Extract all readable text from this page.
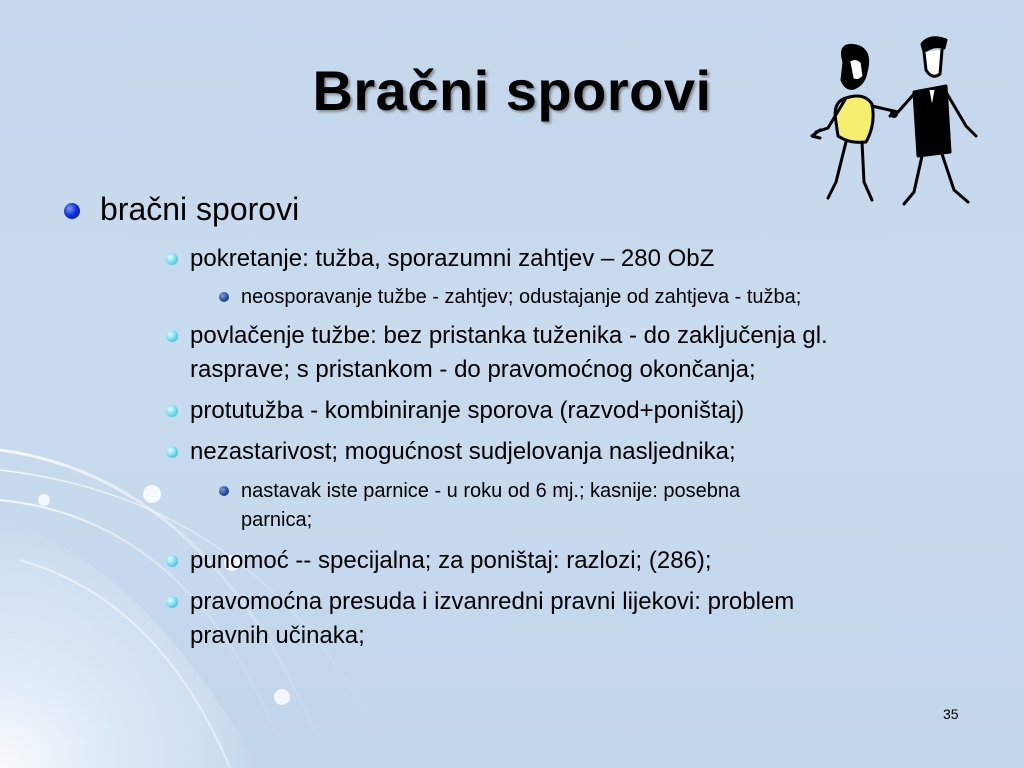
Bračni sporovi
bračni sporovi
pokretanje: tužba, sporazumni zahtjev – 280 ObZ
neosporavanje tužbe - zahtjev; odustajanje od zahtjeva - tužba;
povlačenje tužbe: bez pristanka tuženika - do zaključenja gl.
rasprave; s pristankom - do pravomoćnog okončanja;
protutužba - kombiniranje sporova (razvod+poništaj)
nezastarivost; mogućnost sudjelovanja nasljednika;
nastavak iste parnice - u roku od 6 mj.; kasnije: posebna
parnica;
punomoć -- specijalna; za poništaj: razlozi; (286);
pravomoćna presuda i izvanredni pravni lijekovi: problem
pravnih učinaka;
35
